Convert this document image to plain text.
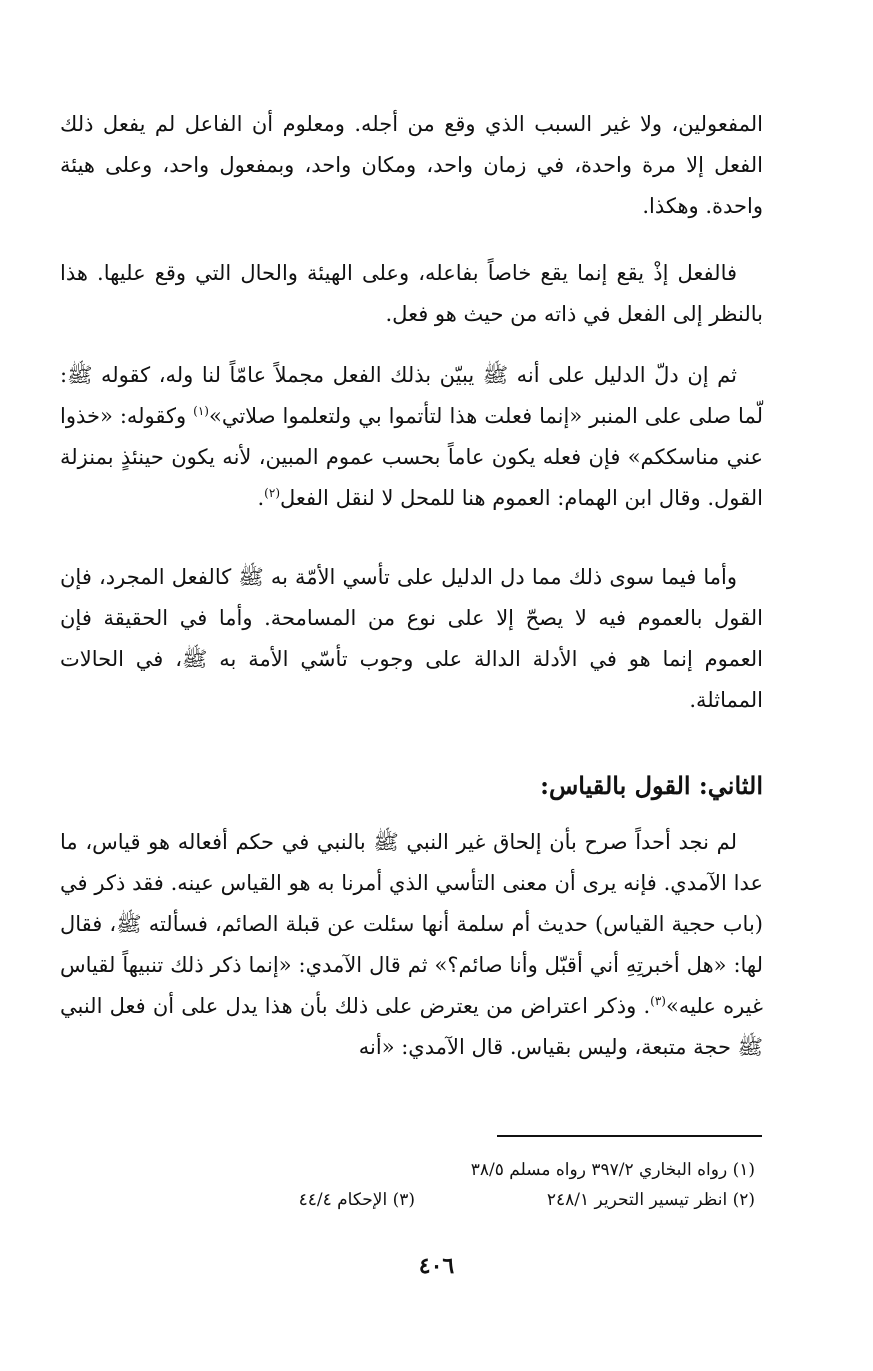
المفعولين، ولا غير السبب الذي وقع من أجله. ومعلوم أن الفاعل لم يفعل ذلك الفعل إلا مرة واحدة، في زمان واحد، ومكان واحد، وبمفعول واحد، وعلى هيئة واحدة. وهكذا.

فالفعل إذْ يقع إنما يقع خاصاً بفاعله، وعلى الهيئة والحال التي وقع عليها. هذا بالنظر إلى الفعل في ذاته من حيث هو فعل.

ثم إن دلّ الدليل على أنه ﷺ يبيّن بذلك الفعل مجملاً عامّاً لنا وله، كقوله ﷺ: لّما صلى على المنبر «إنما فعلت هذا لتأتموا بي ولتعلموا صلاتي»$^{(١)}$ وكقوله: «خذوا عني مناسككم» فإن فعله يكون عاماً بحسب عموم المبين، لأنه يكون حينئذٍ بمنزلة القول. وقال ابن الهمام: العموم هنا للمحل لا لنقل الفعل$^{(٢)}$.

وأما فيما سوى ذلك مما دل الدليل على تأسي الأمّة به ﷺ كالفعل المجرد، فإن القول بالعموم فيه لا يصحّ إلا على نوع من المسامحة. وأما في الحقيقة فإن العموم إنما هو في الأدلة الدالة على وجوب تأسّي الأمة به ﷺ، في الحالات المماثلة.

الثاني: القول بالقياس:

لم نجد أحداً صرح بأن إلحاق غير النبي ﷺ بالنبي في حكم أفعاله هو قياس، ما عدا الآمدي. فإنه يرى أن معنى التأسي الذي أمرنا به هو القياس عينه. فقد ذكر في (باب حجية القياس) حديث أم سلمة أنها سئلت عن قبلة الصائم، فسألته ﷺ، فقال لها: «هل أخبرتِهِ أني أقبّل وأنا صائم؟» ثم قال الآمدي: «إنما ذكر ذلك تنبيهاً لقياس غيره عليه»$^{(٣)}$. وذكر اعتراض من يعترض على ذلك بأن هذا يدل على أن فعل النبي ﷺ حجة متبعة، وليس بقياس. قال الآمدي: «أنه

(١) رواه البخاري ٣٩٧/٢ رواه مسلم ٣٨/٥
(٢) انظر تيسير التحرير ٢٤٨/١
(٣) الإحكام ٤٤/٤
٤٠٦
